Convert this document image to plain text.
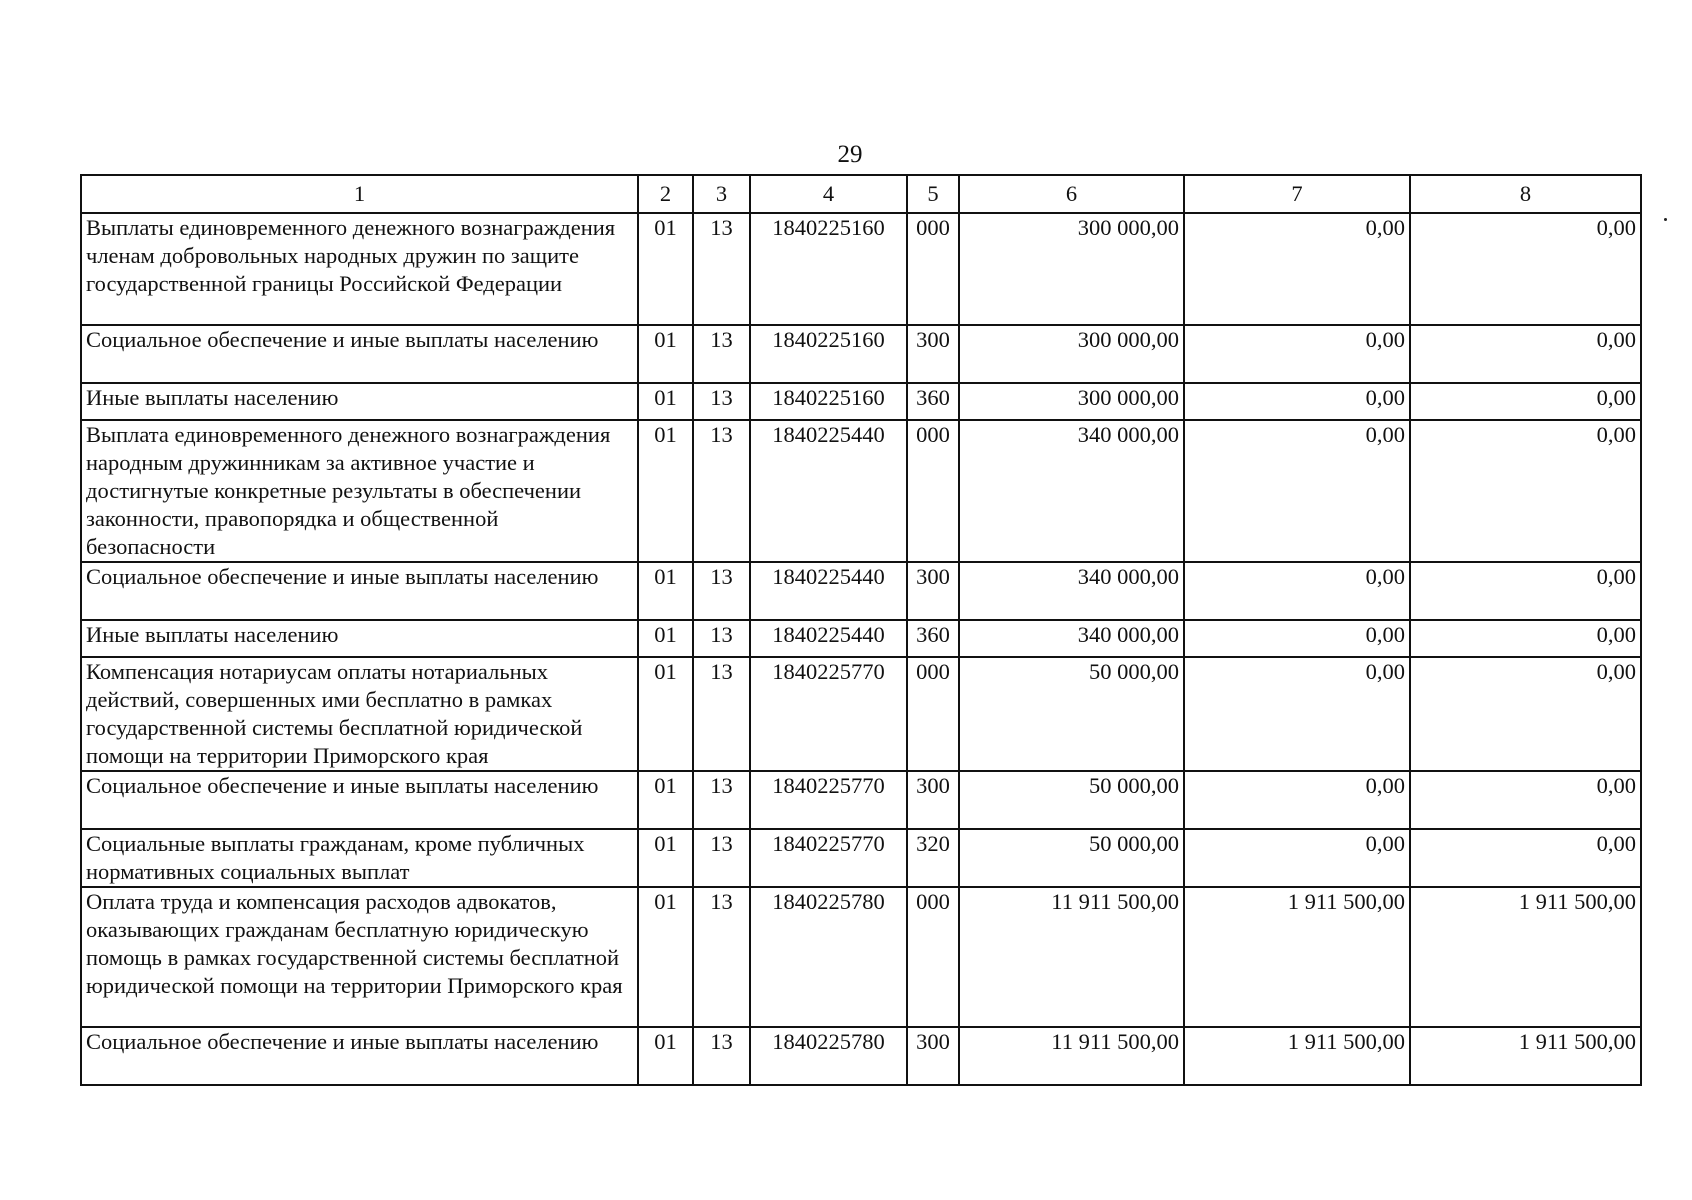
29
1	2	3	4	5	6	7	8
Выплаты единовременного денежного вознаграждения членам добровольных народных дружин по защите государственной границы Российской Федерации	01	13	1840225160	000	300 000,00	0,00	0,00
Социальное обеспечение и иные выплаты населению	01	13	1840225160	300	300 000,00	0,00	0,00
Иные выплаты населению	01	13	1840225160	360	300 000,00	0,00	0,00
Выплата единовременного денежного вознаграждения народным дружинникам за активное участие и достигнутые конкретные результаты в обеспечении законности, правопорядка и общественной безопасности	01	13	1840225440	000	340 000,00	0,00	0,00
Социальное обеспечение и иные выплаты населению	01	13	1840225440	300	340 000,00	0,00	0,00
Иные выплаты населению	01	13	1840225440	360	340 000,00	0,00	0,00
Компенсация нотариусам оплаты нотариальных действий, совершенных ими бесплатно в рамках государственной системы бесплатной юридической помощи на территории Приморского края	01	13	1840225770	000	50 000,00	0,00	0,00
Социальное обеспечение и иные выплаты населению	01	13	1840225770	300	50 000,00	0,00	0,00
Социальные выплаты гражданам, кроме публичных нормативных социальных выплат	01	13	1840225770	320	50 000,00	0,00	0,00
Оплата труда и компенсация расходов адвокатов, оказывающих гражданам бесплатную юридическую помощь в рамках государственной системы бесплатной юридической помощи на территории Приморского края	01	13	1840225780	000	11 911 500,00	1 911 500,00	1 911 500,00
Социальное обеспечение и иные выплаты населению	01	13	1840225780	300	11 911 500,00	1 911 500,00	1 911 500,00
